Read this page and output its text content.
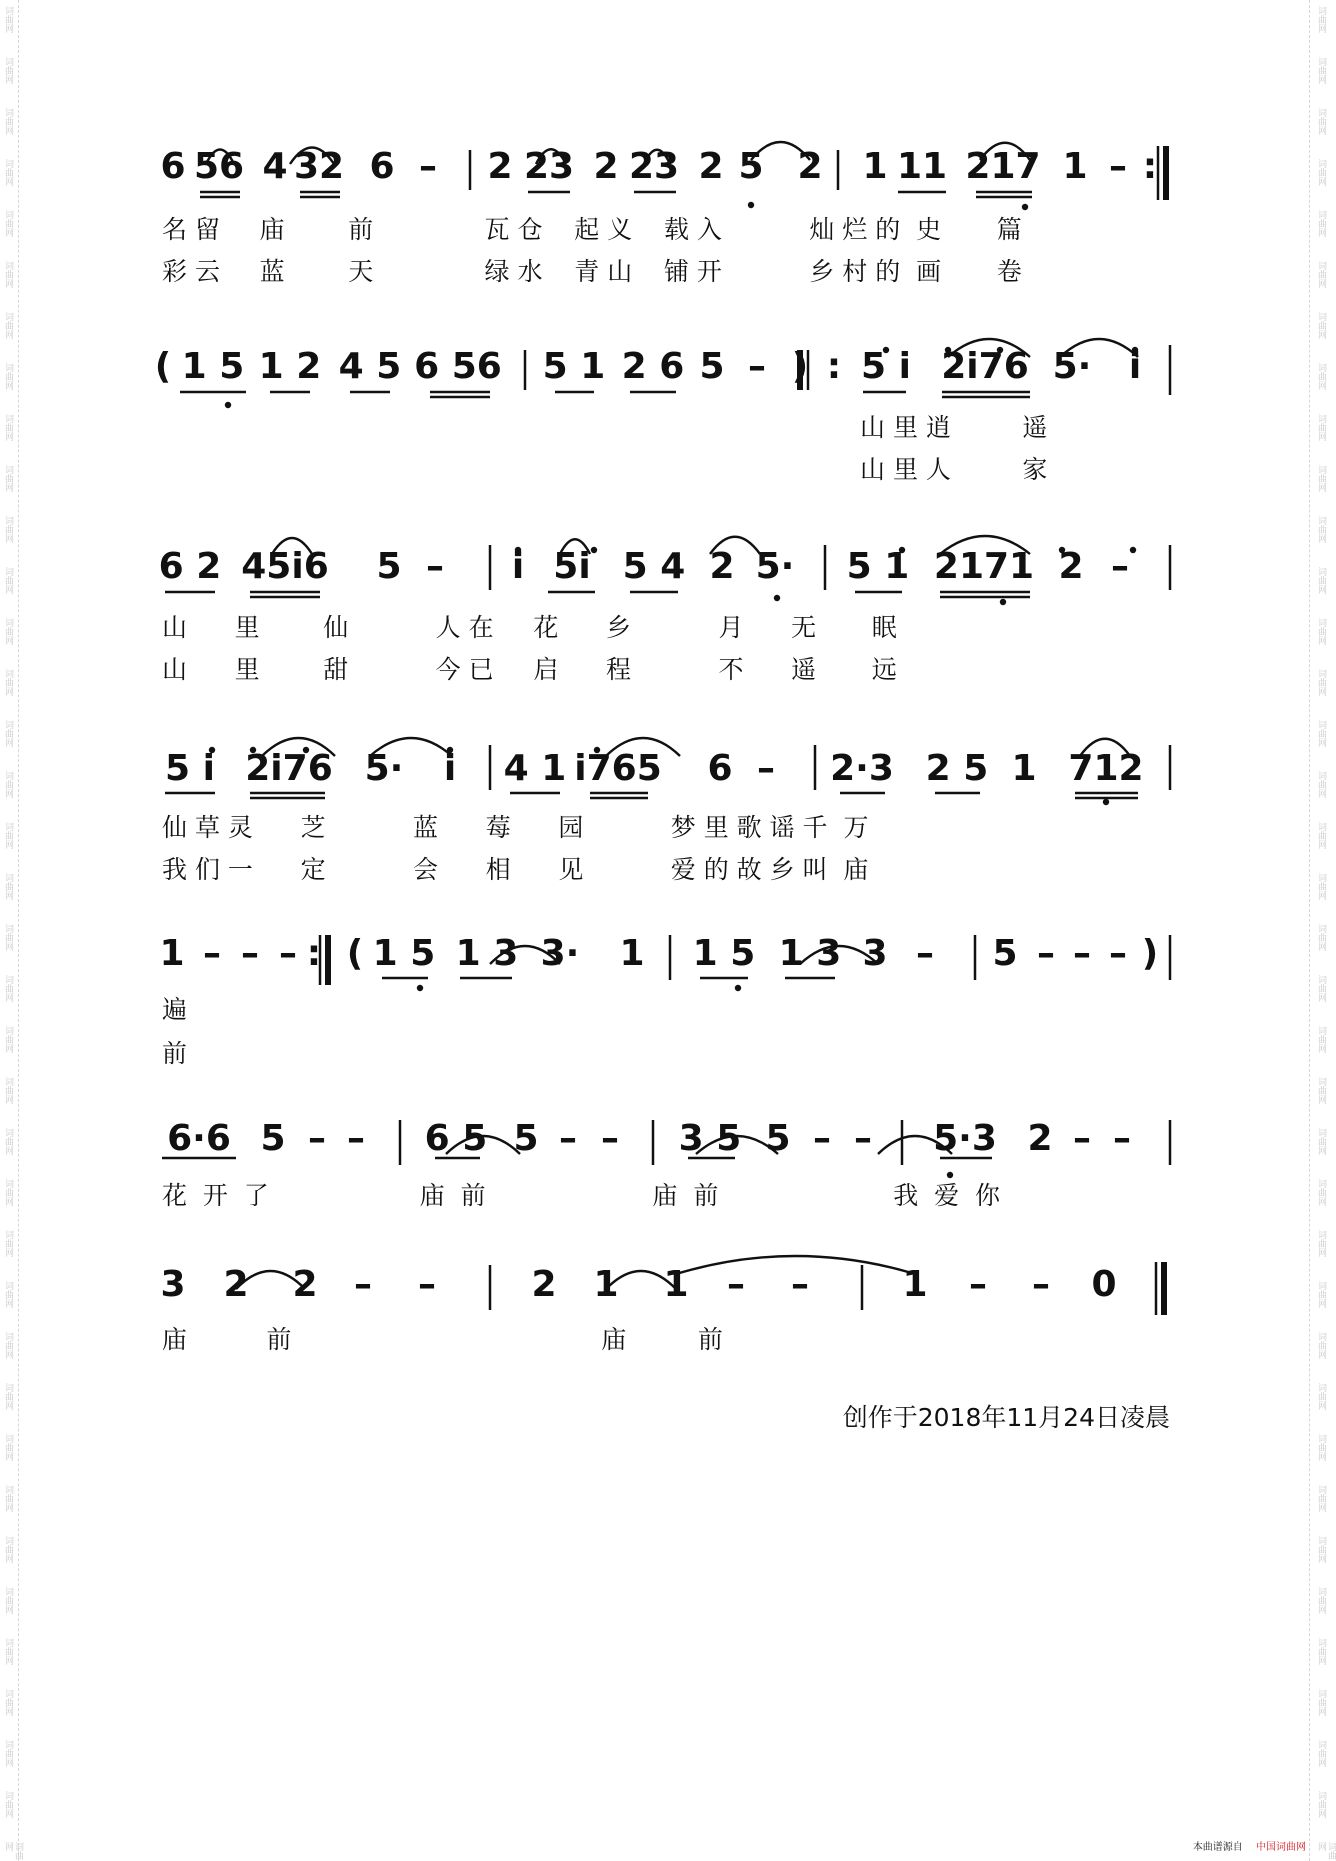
词曲网
词曲网
词曲网
词曲网
词曲网
词曲网
词曲网
词曲网
词曲网
词曲网
词曲网
词曲网
词曲网
词曲网
词曲网
词曲网
词曲网
词曲网
词曲网
词曲网
词曲网
词曲网
词曲网
词曲网
词曲网
词曲网
词曲网
词曲网
词曲网
词曲网
词曲网
词曲网
词曲网
词曲网
词曲网
词曲网
词曲网
词曲网
词曲网
词曲网
词曲网
词曲网
词曲网
词曲网
词曲网
词曲网
词曲网
词曲网
词曲网
词曲网
词曲网
词曲网
词曲网
词曲网
词曲网
词曲网
词曲网
词曲网
词曲网
词曲网
词曲网
词曲网
词曲网
词曲网
词曲网
词曲网
词曲网
词曲网
词曲网
词曲网
词曲网
词曲网
词曲网
词曲网
6 56 4 32 6 – 2 23 2 23 2 5 2 1 11 217 1 – :
( 1 5 1 2 4 5 6 56 5 1 2 6 5 – ) : 5 i 2i76 5· i
6 2 45i6 5 – i 5i 5 4 2 5· 5 1 2171 2 –
5 i 2i76 5· i 4 1 i765 6 – 2·3 2 5 1 712
1 – – – : ( 1 5 1 3 3· 1 1 5 1 3 3 – 5 – – – )
6·6 5 – – 6 5 5 – – 3 5 5 – – 5·3 2 – –
3 2 2 – –	2 1 1 – –	1 – – 0
名 留     庙        前              瓦 仓    起 义    载 入           灿 烂 的  史       篇
彩 云     蓝        天              绿 水    青 山    铺 开           乡 村 的  画       卷
山 里 逍         遥
山 里 人         家
山      里        仙           人 在     花      乡           月      无       眠
山      里        甜           今 已     启      程           不      遥       远
仙 草 灵      芝           蓝      莓      园           梦 里 歌 谣 千  万
我 们 一      定           会      相      见           爱 的 故 乡 叫  庙
遍
前
花  开  了                   庙  前                     庙  前                      我  爱  你
庙          前                                       庙         前
创作于2018年11月24日凌晨
本曲谱源自 中国词曲网
